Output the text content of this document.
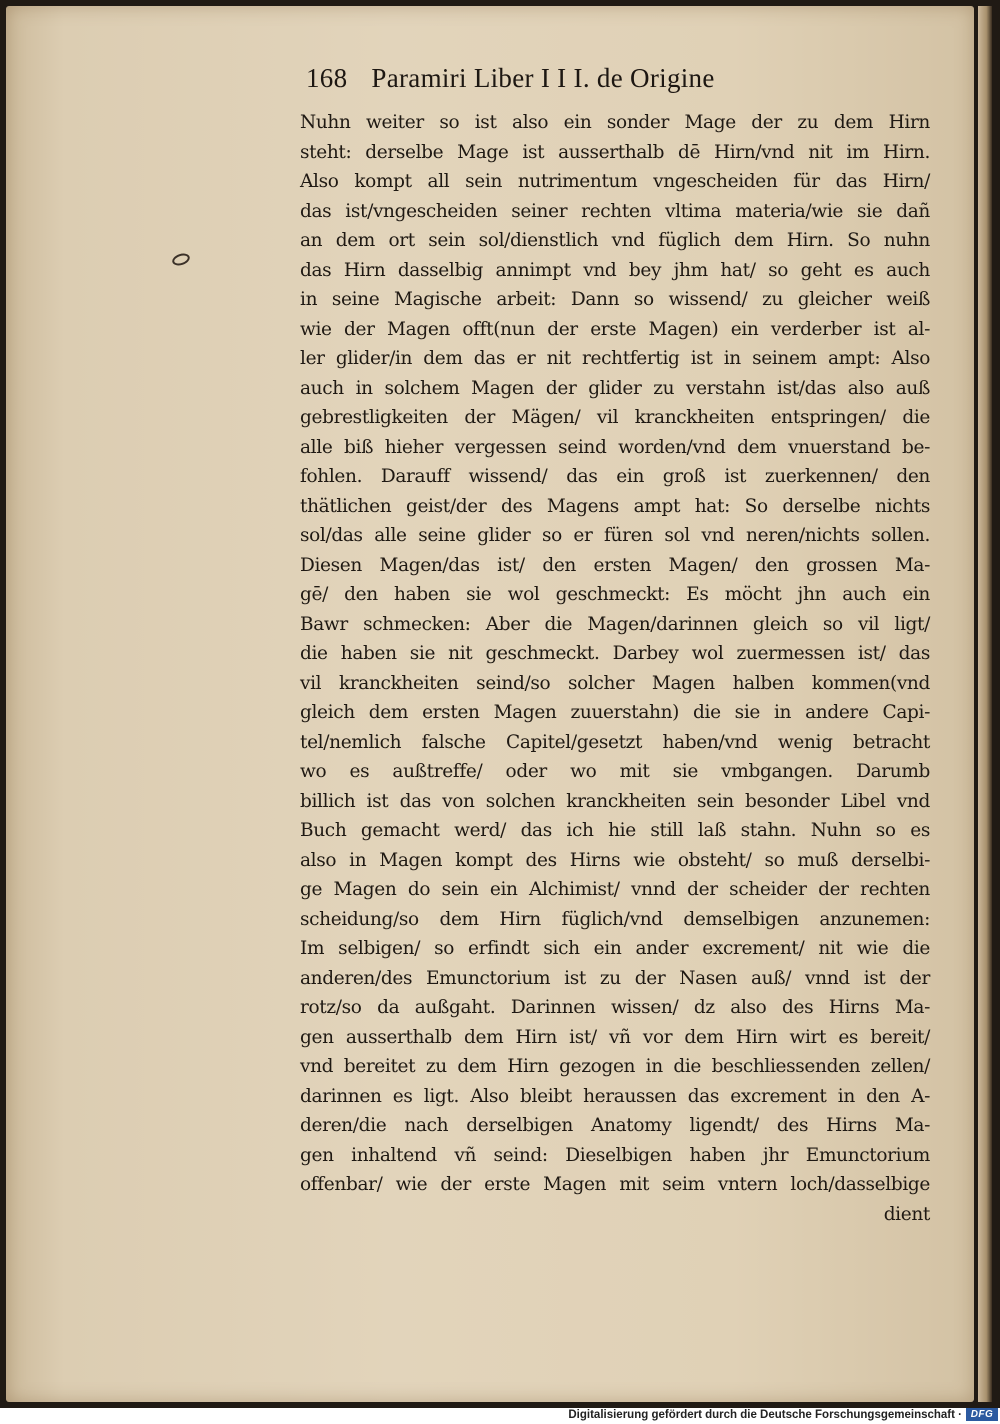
168 Paramiri Liber I I I. de Origine
Nuhn weiter so ist also ein sonder Mage der zu dem Hirn
steht: derselbe Mage ist ausserthalb dē Hirn/vnd nit im Hirn.
Also kompt all sein nutrimentum vngescheiden für das Hirn/
das ist/vngescheiden seiner rechten vltima materia/wie sie dañ
an dem ort sein sol/dienstlich vnd füglich dem Hirn. So nuhn
das Hirn dasselbig annimpt vnd bey jhm hat/ so geht es auch
in seine Magische arbeit: Dann so wissend/ zu gleicher weiß
wie der Magen offt(nun der erste Magen) ein verderber ist al-
ler glider/in dem das er nit rechtfertig ist in seinem ampt: Also
auch in solchem Magen der glider zu verstahn ist/das also auß
gebrestligkeiten der Mägen/ vil kranckheiten entspringen/ die
alle biß hieher vergessen seind worden/vnd dem vnuerstand be-
fohlen. Darauff wissend/ das ein groß ist zuerkennen/ den
thätlichen geist/der des Magens ampt hat: So derselbe nichts
sol/das alle seine glider so er füren sol vnd neren/nichts sollen.
Diesen Magen/das ist/ den ersten Magen/ den grossen Ma-
gē/ den haben sie wol geschmeckt: Es möcht jhn auch ein
Bawr schmecken: Aber die Magen/darinnen gleich so vil ligt/
die haben sie nit geschmeckt. Darbey wol zuermessen ist/ das
vil kranckheiten seind/so solcher Magen halben kommen(vnd
gleich dem ersten Magen zuuerstahn) die sie in andere Capi-
tel/nemlich falsche Capitel/gesetzt haben/vnd wenig betracht
wo es außtreffe/ oder wo mit sie vmbgangen. Darumb
billich ist das von solchen kranckheiten sein besonder Libel vnd
Buch gemacht werd/ das ich hie still laß stahn. Nuhn so es
also in Magen kompt des Hirns wie obsteht/ so muß derselbi-
ge Magen do sein ein Alchimist/ vnnd der scheider der rechten
scheidung/so dem Hirn füglich/vnd demselbigen anzunemen:
Im selbigen/ so erfindt sich ein ander excrement/ nit wie die
anderen/des Emunctorium ist zu der Nasen auß/ vnnd ist der
rotz/so da außgaht. Darinnen wissen/ dz also des Hirns Ma-
gen ausserthalb dem Hirn ist/ vñ vor dem Hirn wirt es bereit/
vnd bereitet zu dem Hirn gezogen in die beschliessenden zellen/
darinnen es ligt. Also bleibt heraussen das excrement in den A-
deren/die nach derselbigen Anatomy ligendt/ des Hirns Ma-
gen inhaltend vñ seind: Dieselbigen haben jhr Emunctorium
offenbar/ wie der erste Magen mit seim vntern loch/dasselbige
dient
Digitalisierung gefördert durch die Deutsche Forschungsgemeinschaft · DFG
